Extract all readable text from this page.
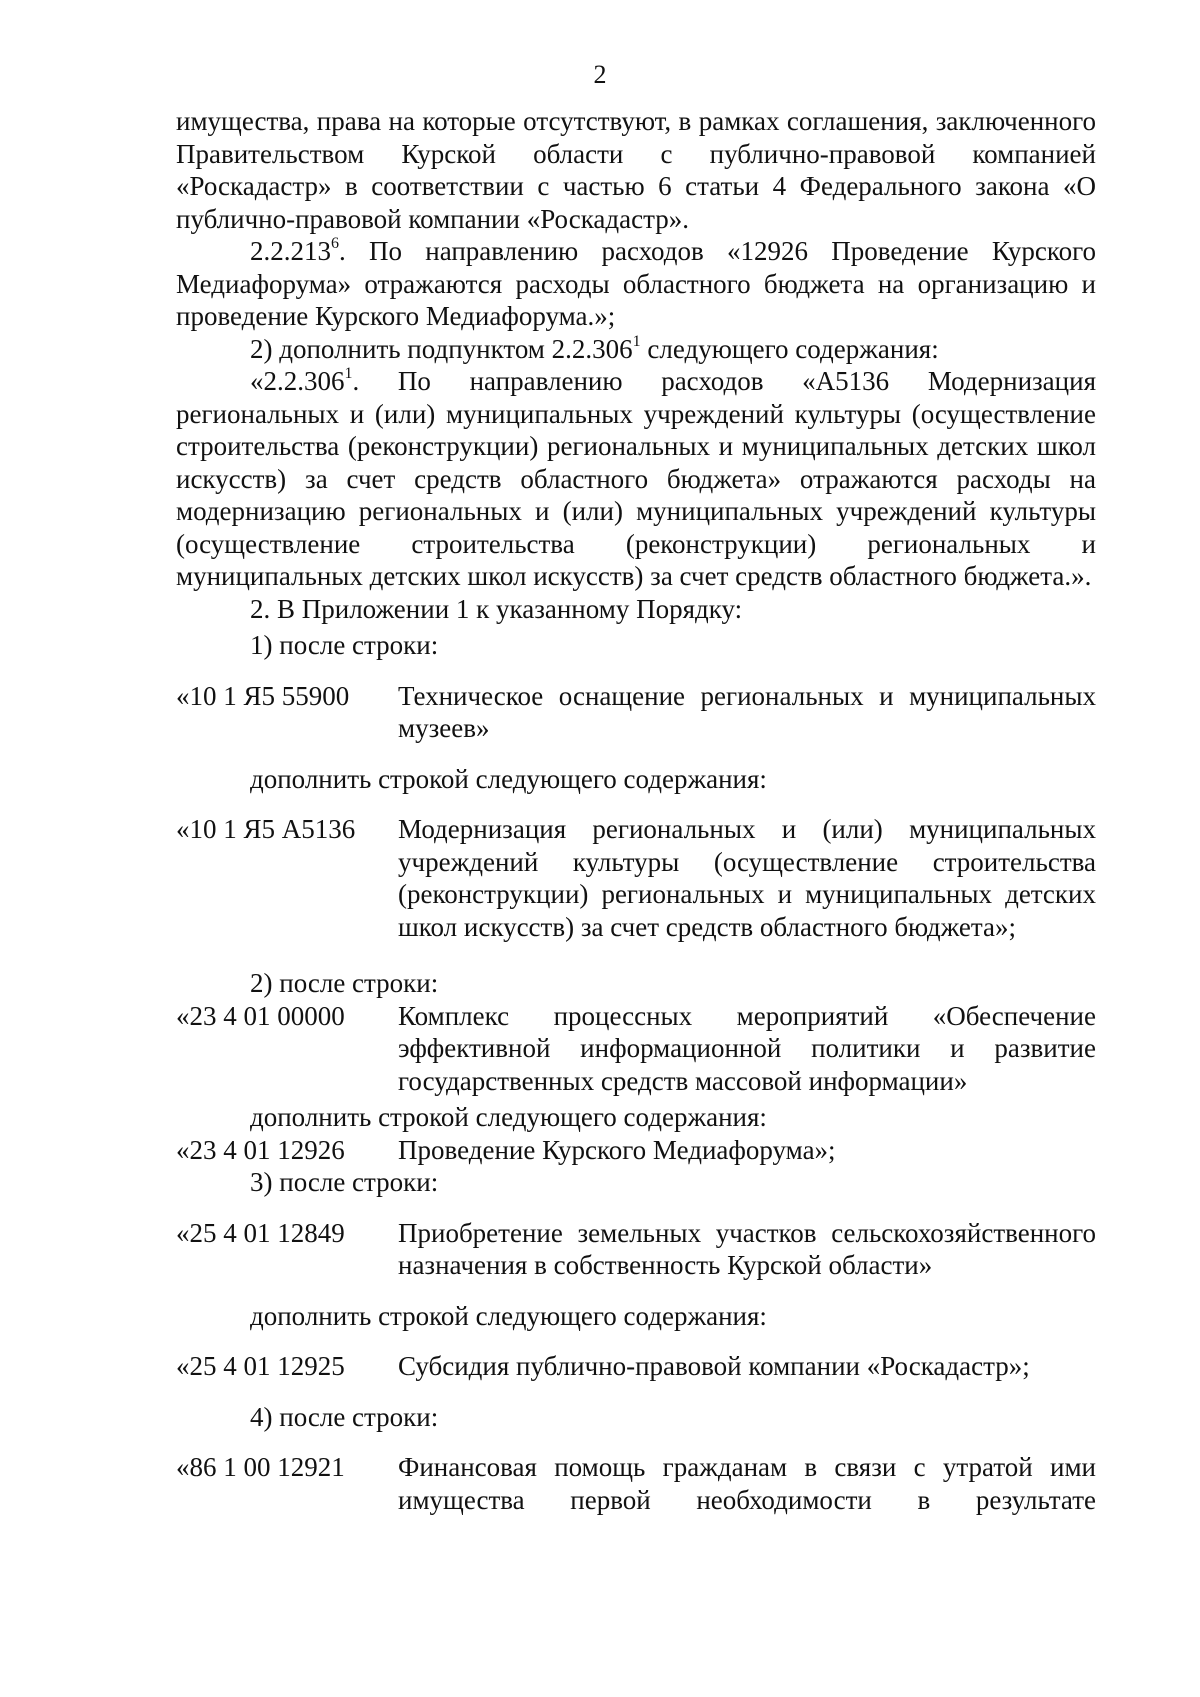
2
имущества, права на которые отсутствуют, в рамках соглашения, заключенного Правительством Курской области с публично-правовой компанией «Роскадастр» в соответствии с частью 6 статьи 4 Федерального закона «О публично-правовой компании «Роскадастр».
2.2.213$^6$. По направлению расходов «12926 Проведение Курского Медиафорума» отражаются расходы областного бюджета на организацию и проведение Курского Медиафорума.»;
2) дополнить подпунктом 2.2.306$^1$ следующего содержания:
«2.2.306$^1$. По направлению расходов «A5136 Модернизация региональных и (или) муниципальных учреждений культуры (осуществление строительства (реконструкции) региональных и муниципальных детских школ искусств) за счет средств областного бюджета» отражаются расходы на модернизацию региональных и (или) муниципальных учреждений культуры (осуществление строительства (реконструкции) региональных и муниципальных детских школ искусств) за счет средств областного бюджета.».
2. В Приложении 1 к указанному Порядку:
1) после строки:
«10 1 Я5 55900	Техническое оснащение региональных и муниципальных музеев»
дополнить строкой следующего содержания:
«10 1 Я5 A5136	Модернизация региональных и (или) муниципальных учреждений культуры (осуществление строительства (реконструкции) региональных и муниципальных детских школ искусств) за счет средств областного бюджета»;
2) после строки:
«23 4 01 00000	Комплекс процессных мероприятий «Обеспечение эффективной информационной политики и развитие государственных средств массовой информации»
дополнить строкой следующего содержания:
«23 4 01 12926	Проведение Курского Медиафорума»;
3) после строки:
«25 4 01 12849	Приобретение земельных участков сельскохозяйственного назначения в собственность Курской области»
дополнить строкой следующего содержания:
«25 4 01 12925	Субсидия публично-правовой компании «Роскадастр»;
4) после строки:
«86 1 00 12921	Финансовая помощь гражданам в связи с утратой ими имущества первой необходимости в результате
